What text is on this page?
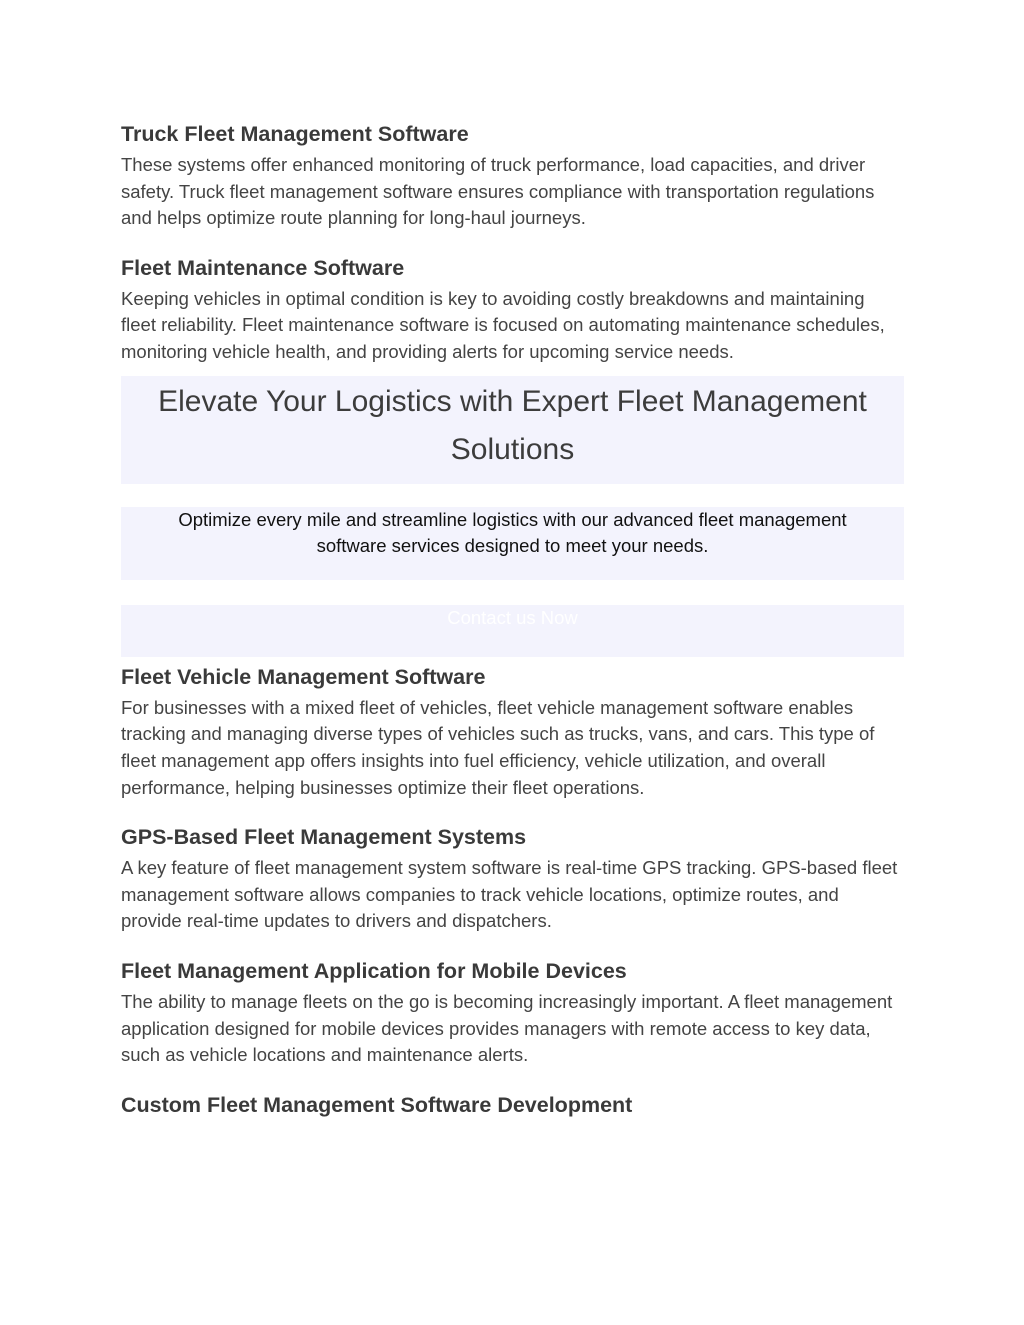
Truck Fleet Management Software

These systems offer enhanced monitoring of truck performance, load capacities, and driver safety. Truck fleet management software ensures compliance with transportation regulations and helps optimize route planning for long-haul journeys.

Fleet Maintenance Software

Keeping vehicles in optimal condition is key to avoiding costly breakdowns and maintaining fleet reliability. Fleet maintenance software is focused on automating maintenance schedules, monitoring vehicle health, and providing alerts for upcoming service needs.

Elevate Your Logistics with Expert Fleet Management Solutions

Optimize every mile and streamline logistics with our advanced fleet management software services designed to meet your needs.

Contact us Now
Fleet Vehicle Management Software

For businesses with a mixed fleet of vehicles, fleet vehicle management software enables tracking and managing diverse types of vehicles such as trucks, vans, and cars. This type of fleet management app offers insights into fuel efficiency, vehicle utilization, and overall performance, helping businesses optimize their fleet operations.

GPS-Based Fleet Management Systems

A key feature of fleet management system software is real-time GPS tracking. GPS-based fleet management software allows companies to track vehicle locations, optimize routes, and provide real-time updates to drivers and dispatchers.

Fleet Management Application for Mobile Devices

The ability to manage fleets on the go is becoming increasingly important. A fleet management application designed for mobile devices provides managers with remote access to key data, such as vehicle locations and maintenance alerts.

Custom Fleet Management Software Development
